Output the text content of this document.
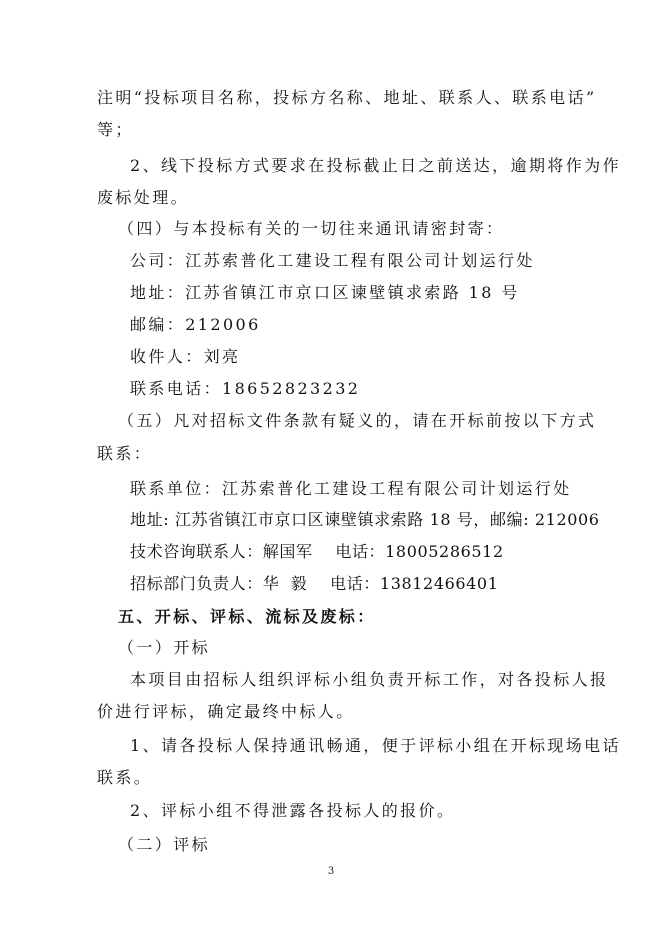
注明“投标项目名称，投标方名称、地址、联系人、联系电话”
等；
2、线下投标方式要求在投标截止日之前送达，逾期将作为作
废标处理。
（四）与本投标有关的一切往来通讯请密封寄：
公司：江苏索普化工建设工程有限公司计划运行处
地址：江苏省镇江市京口区谏壁镇求索路 18 号
邮编：212006
收件人：刘亮
联系电话：18652823232
（五）凡对招标文件条款有疑义的，请在开标前按以下方式
联系：
联系单位：江苏索普化工建设工程有限公司计划运行处
地址: 江苏省镇江市京口区谏壁镇求索路 18 号，邮编: 212006
技术咨询联系人：解国军    电话：18005286512
招标部门负责人：华  毅    电话：13812466401
五、开标、评标、流标及废标：
（一）开标
本项目由招标人组织评标小组负责开标工作，对各投标人报
价进行评标，确定最终中标人。
1、请各投标人保持通讯畅通，便于评标小组在开标现场电话
联系。
2、评标小组不得泄露各投标人的报价。
（二）评标
3
